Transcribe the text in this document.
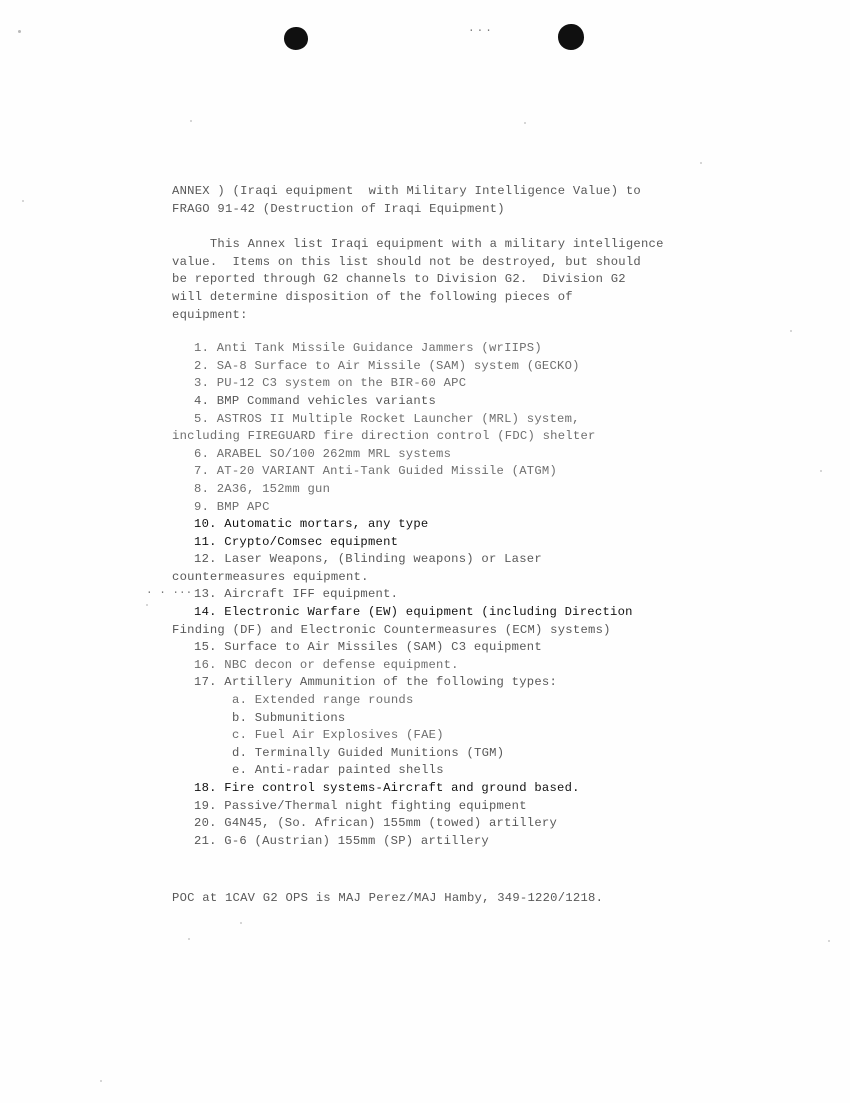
...
. . ...
ANNEX ) (Iraqi equipment  with Military Intelligence Value) to
FRAGO 91-42 (Destruction of Iraqi Equipment)
This Annex list Iraqi equipment with a military intelligence
value.  Items on this list should not be destroyed, but should
be reported through G2 channels to Division G2.  Division G2
will determine disposition of the following pieces of
equipment:
1. Anti Tank Missile Guidance Jammers (wrIIPS)
2. SA-8 Surface to Air Missile (SAM) system (GECKO)
3. PU-12 C3 system on the BIR-60 APC
4. BMP Command vehicles variants
5. ASTROS II Multiple Rocket Launcher (MRL) system,
including FIREGUARD fire direction control (FDC) shelter
6. ARABEL SO/100 262mm MRL systems
7. AT-20 VARIANT Anti-Tank Guided Missile (ATGM)
8. 2A36, 152mm gun
9. BMP APC
10. Automatic mortars, any type
11. Crypto/Comsec equipment
12. Laser Weapons, (Blinding weapons) or Laser
countermeasures equipment.
13. Aircraft IFF equipment.
14. Electronic Warfare (EW) equipment (including Direction
Finding (DF) and Electronic Countermeasures (ECM) systems)
15. Surface to Air Missiles (SAM) C3 equipment
16. NBC decon or defense equipment.
17. Artillery Ammunition of the following types:
a. Extended range rounds
b. Submunitions
c. Fuel Air Explosives (FAE)
d. Terminally Guided Munitions (TGM)
e. Anti-radar painted shells
18. Fire control systems-Aircraft and ground based.
19. Passive/Thermal night fighting equipment
20. G4N45, (So. African) 155mm (towed) artillery
21. G-6 (Austrian) 155mm (SP) artillery
POC at 1CAV G2 OPS is MAJ Perez/MAJ Hamby, 349-1220/1218.
